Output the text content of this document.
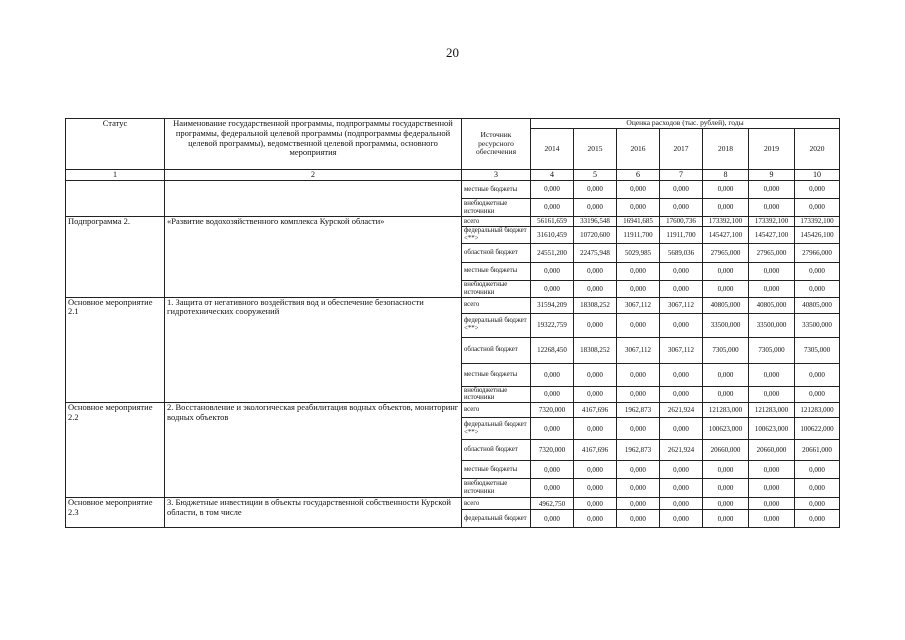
20
Статус	Наименование государственной программы, подпрограммы государственной программы, федеральной целевой программы (подпрограммы федеральной целевой программы), ведомственной целевой программы, основного мероприятия	Источник ресурсного обеспечения	Оценка расходов (тыс. рублей), годы						
			2014	2015	2016	2017	2018	2019	2020
1	2	3	4	5	6	7	8	9	10
		местные бюджеты	0,000	0,000	0,000	0,000	0,000	0,000	0,000
		внебюджетные источники	0,000	0,000	0,000	0,000	0,000	0,000	0,000
Подпрограмма 2.	«Развитие водохозяйственного комплекса Курской области»	всего	56161,659	33196,548	16941,685	17600,736	173392,100	173392,100	173392,100
		федеральный бюджет <**>	31610,459	10720,600	11911,700	11911,700	145427,100	145427,100	145426,100
		областной бюджет	24551,200	22475,948	5029,985	5689,036	27965,000	27965,000	27966,000
		местные бюджеты	0,000	0,000	0,000	0,000	0,000	0,000	0,000
		внебюджетные источники	0,000	0,000	0,000	0,000	0,000	0,000	0,000
Основное мероприятие 2.1	1. Защита от негативного воздействия вод и обеспечение безопасности гидротехнических сооружений	всего	31594,209	18308,252	3067,112	3067,112	40805,000	40805,000	40805,000
		федеральный бюджет <**>	19322,759	0,000	0,000	0,000	33500,000	33500,000	33500,000
		областной бюджет	12268,450	18308,252	3067,112	3067,112	7305,000	7305,000	7305,000
		местные бюджеты	0,000	0,000	0,000	0,000	0,000	0,000	0,000
		внебюджетные источники	0,000	0,000	0,000	0,000	0,000	0,000	0,000
Основное мероприятие 2.2	2. Восстановление и экологическая реабилитация водных объектов, мониторинг водных объектов	всего	7320,000	4167,696	1962,873	2621,924	121283,000	121283,000	121283,000
		федеральный бюджет <**>	0,000	0,000	0,000	0,000	100623,000	100623,000	100622,000
		областной бюджет	7320,000	4167,696	1962,873	2621,924	20660,000	20660,000	20661,000
		местные бюджеты	0,000	0,000	0,000	0,000	0,000	0,000	0,000
		внебюджетные источники	0,000	0,000	0,000	0,000	0,000	0,000	0,000
Основное мероприятие 2.3	3. Бюджетные инвестиции в объекты государственной собственности Курской области, в том числе	всего	4962,750	0,000	0,000	0,000	0,000	0,000	0,000
		федеральный бюджет	0,000	0,000	0,000	0,000	0,000	0,000	0,000
